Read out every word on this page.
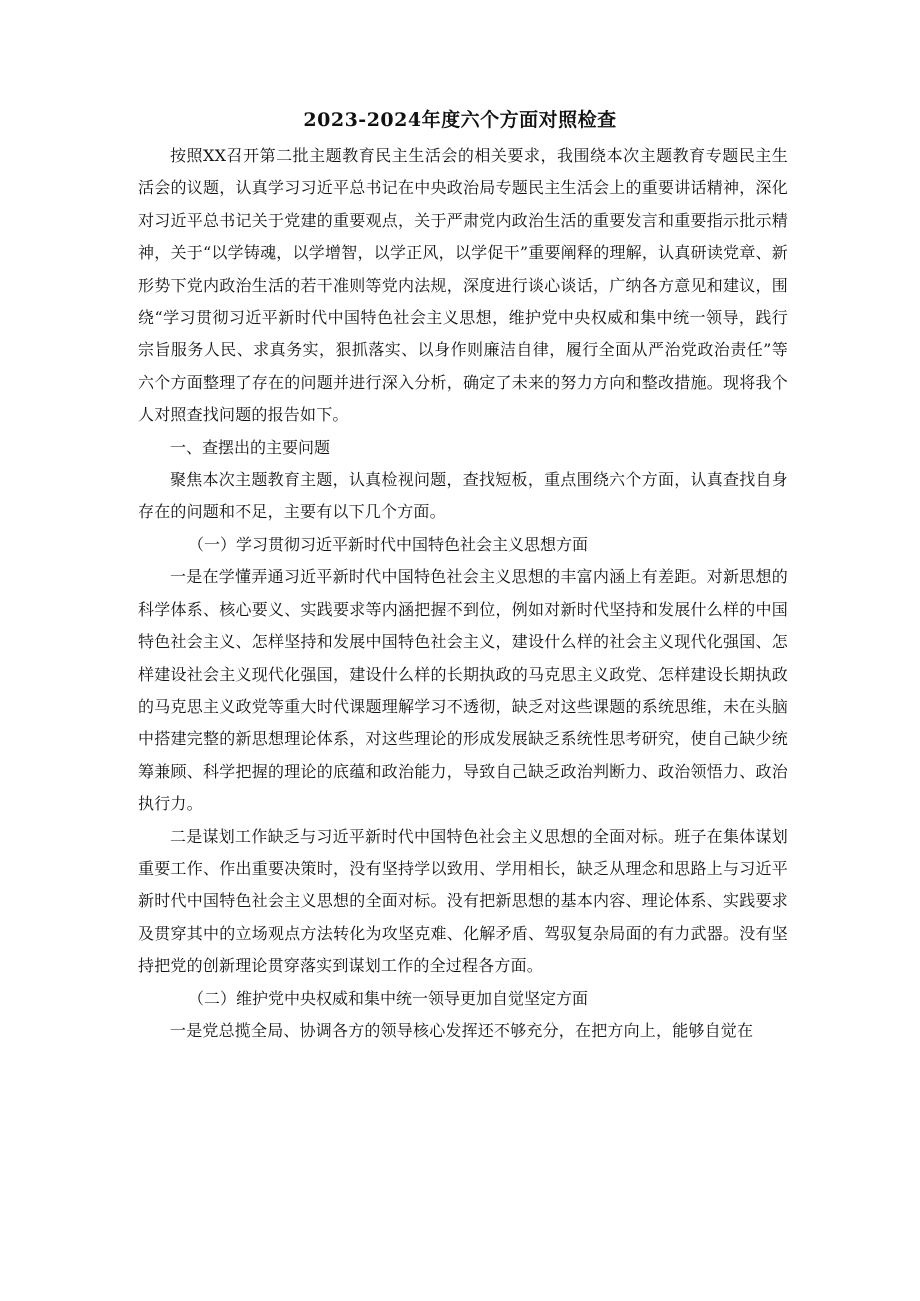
2023-2024年度六个方面对照检查

按照XX召开第二批主题教育民主生活会的相关要求，我围绕本次主题教育专题民主生活会的议题，认真学习习近平总书记在中央政治局专题民主生活会上的重要讲话精神，深化对习近平总书记关于党建的重要观点，关于严肃党内政治生活的重要发言和重要指示批示精神，关于“以学铸魂，以学增智，以学正风，以学促干”重要阐释的理解，认真研读党章、新形势下党内政治生活的若干准则等党内法规，深度进行谈心谈话，广纳各方意见和建议，围绕“学习贯彻习近平新时代中国特色社会主义思想，维护党中央权威和集中统一领导，践行宗旨服务人民、求真务实，狠抓落实、以身作则廉洁自律，履行全面从严治党政治责任”等六个方面整理了存在的问题并进行深入分析，确定了未来的努力方向和整改措施。现将我个人对照查找问题的报告如下。

一、查摆出的主要问题

聚焦本次主题教育主题，认真检视问题，查找短板，重点围绕六个方面，认真查找自身存在的问题和不足，主要有以下几个方面。

（一）学习贯彻习近平新时代中国特色社会主义思想方面

一是在学懂弄通习近平新时代中国特色社会主义思想的丰富内涵上有差距。对新思想的科学体系、核心要义、实践要求等内涵把握不到位，例如对新时代坚持和发展什么样的中国特色社会主义、怎样坚持和发展中国特色社会主义，建设什么样的社会主义现代化强国、怎样建设社会主义现代化强国，建设什么样的长期执政的马克思主义政党、怎样建设长期执政的马克思主义政党等重大时代课题理解学习不透彻，缺乏对这些课题的系统思维，未在头脑中搭建完整的新思想理论体系，对这些理论的形成发展缺乏系统性思考研究，使自己缺少统筹兼顾、科学把握的理论的底蕴和政治能力，导致自己缺乏政治判断力、政治领悟力、政治执行力。

二是谋划工作缺乏与习近平新时代中国特色社会主义思想的全面对标。班子在集体谋划重要工作、作出重要决策时，没有坚持学以致用、学用相长，缺乏从理念和思路上与习近平新时代中国特色社会主义思想的全面对标。没有把新思想的基本内容、理论体系、实践要求及贯穿其中的立场观点方法转化为攻坚克难、化解矛盾、驾驭复杂局面的有力武器。没有坚持把党的创新理论贯穿落实到谋划工作的全过程各方面。

（二）维护党中央权威和集中统一领导更加自觉坚定方面

一是党总揽全局、协调各方的领导核心发挥还不够充分，在把方向上，能够自觉在
